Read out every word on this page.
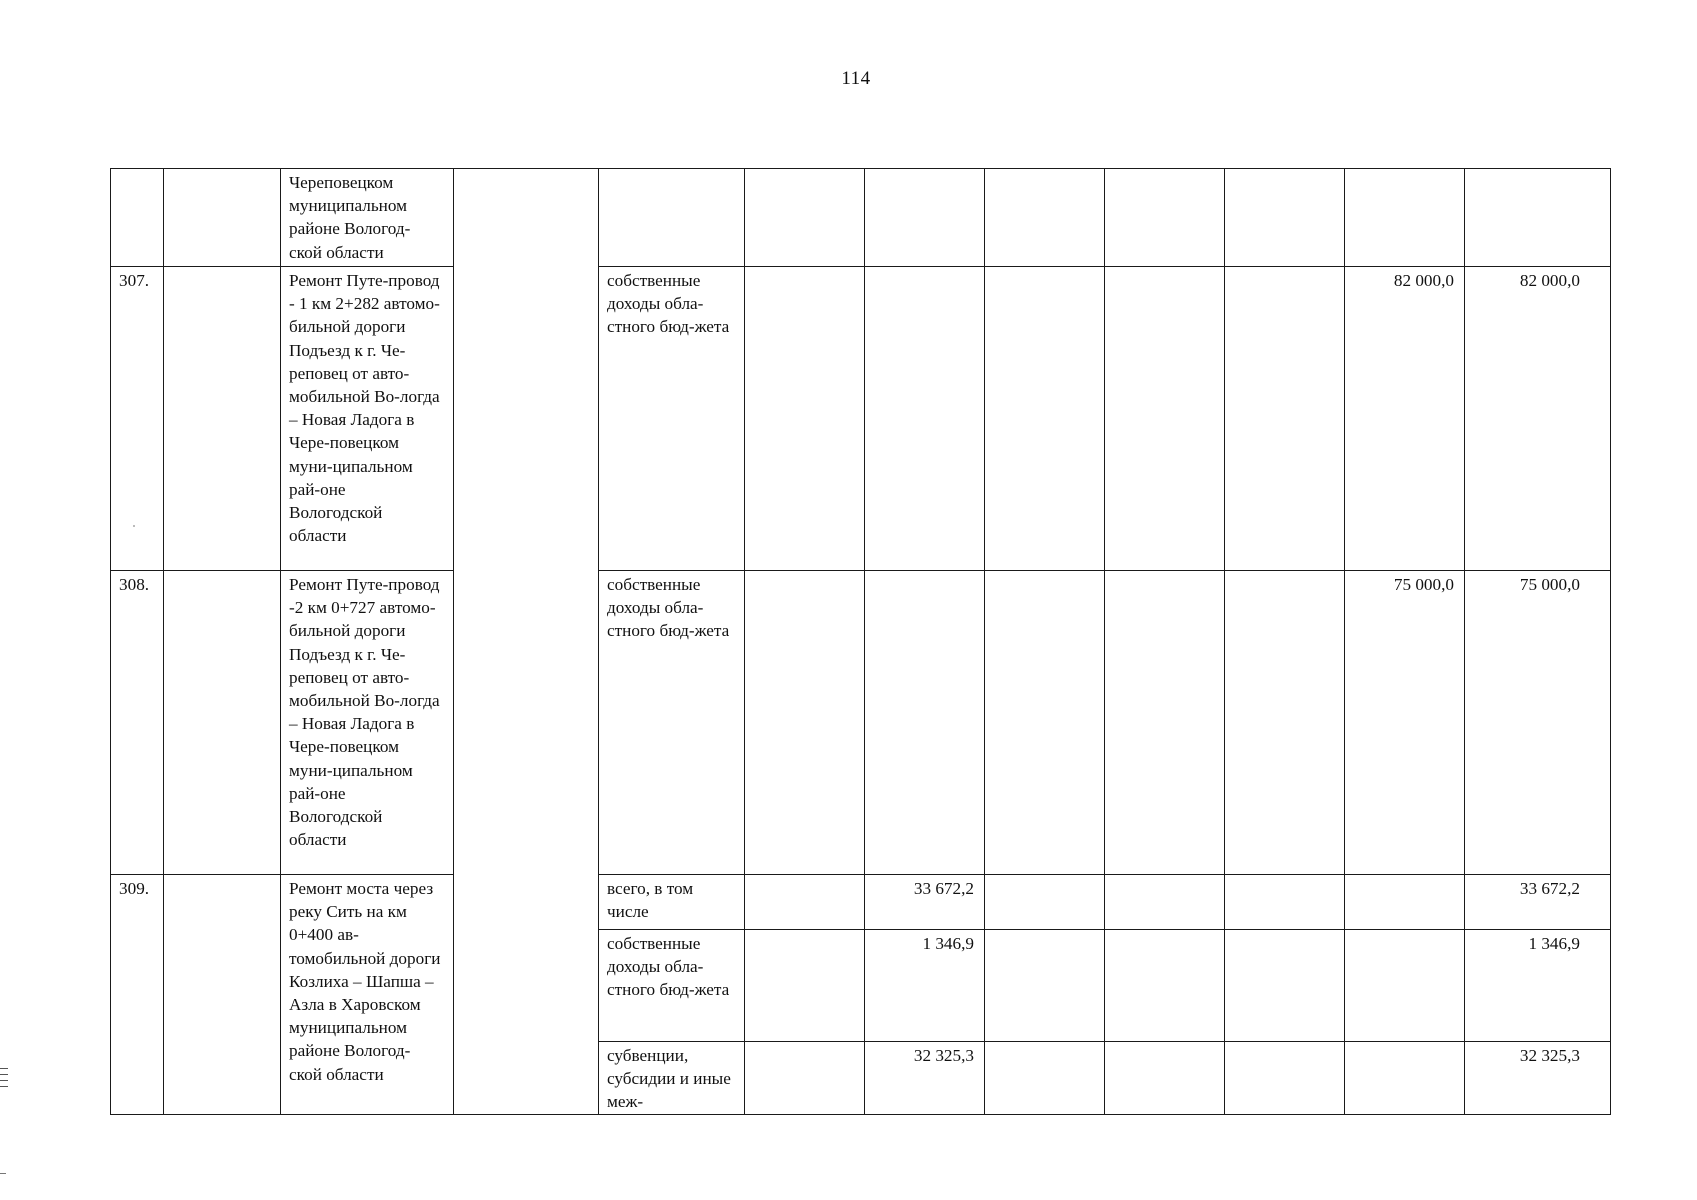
114
		Череповецком муниципальном районе Вологод-ской области									
307.		Ремонт Путе-провод - 1 км 2+282 автомо-бильной дороги Подъезд к г. Че-реповец от авто-мобильной Во-логда – Новая Ладога в Чере-повецком муни-ципальном рай-оне Вологодской области		собственные доходы обла-стного бюд-жета						82 000,0	82 000,0
308.		Ремонт Путе-провод -2 км 0+727 автомо-бильной дороги Подъезд к г. Че-реповец от авто-мобильной Во-логда – Новая Ладога в Чере-повецком муни-ципальном рай-оне Вологодской области		собственные доходы обла-стного бюд-жета						75 000,0	75 000,0
309.		Ремонт моста через реку Сить на км 0+400 ав-томобильной дороги Козлиха – Шапша – Азла в Харовском муниципальном районе Вологод-ской области		всего, в том числе		33 672,2					33 672,2
				собственные доходы обла-стного бюд-жета		1 346,9					1 346,9
				субвенции, субсидии и иные меж-		32 325,3					32 325,3
